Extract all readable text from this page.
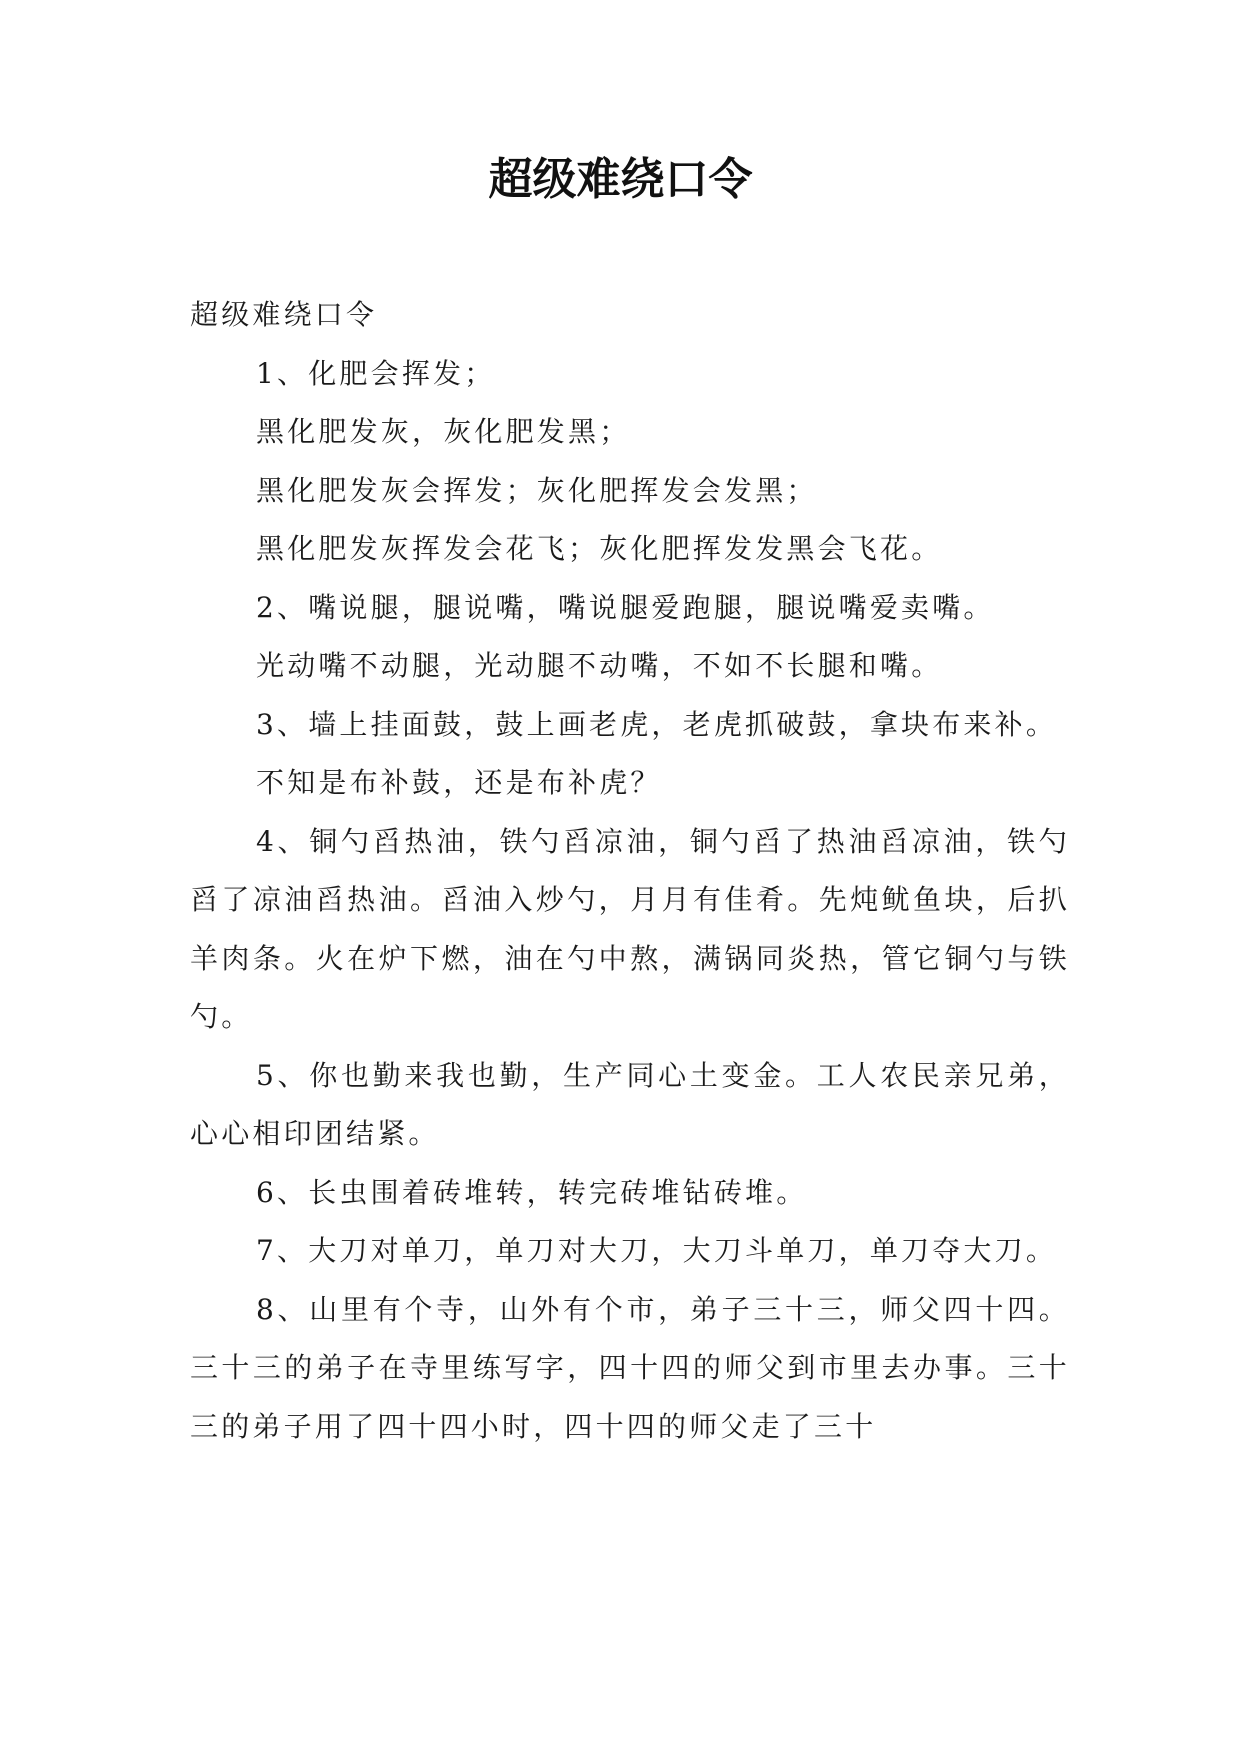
超级难绕口令

超级难绕口令

1、化肥会挥发；

黑化肥发灰，灰化肥发黑；

黑化肥发灰会挥发；灰化肥挥发会发黑；

黑化肥发灰挥发会花飞；灰化肥挥发发黑会飞花。

2、嘴说腿，腿说嘴，嘴说腿爱跑腿，腿说嘴爱卖嘴。

光动嘴不动腿，光动腿不动嘴，不如不长腿和嘴。

3、墙上挂面鼓，鼓上画老虎，老虎抓破鼓，拿块布来补。

不知是布补鼓，还是布补虎？

4、铜勺舀热油，铁勺舀凉油，铜勺舀了热油舀凉油，铁勺舀了凉油舀热油。舀油入炒勺，月月有佳肴。先炖鱿鱼块，后扒羊肉条。火在炉下燃，油在勺中熬，满锅同炎热，管它铜勺与铁勺。

5、你也勤来我也勤，生产同心土变金。工人农民亲兄弟，心心相印团结紧。

6、长虫围着砖堆转，转完砖堆钻砖堆。

7、大刀对单刀，单刀对大刀，大刀斗单刀，单刀夺大刀。

8、山里有个寺，山外有个市，弟子三十三，师父四十四。三十三的弟子在寺里练写字，四十四的师父到市里去办事。三十三的弟子用了四十四小时，四十四的师父走了三十
